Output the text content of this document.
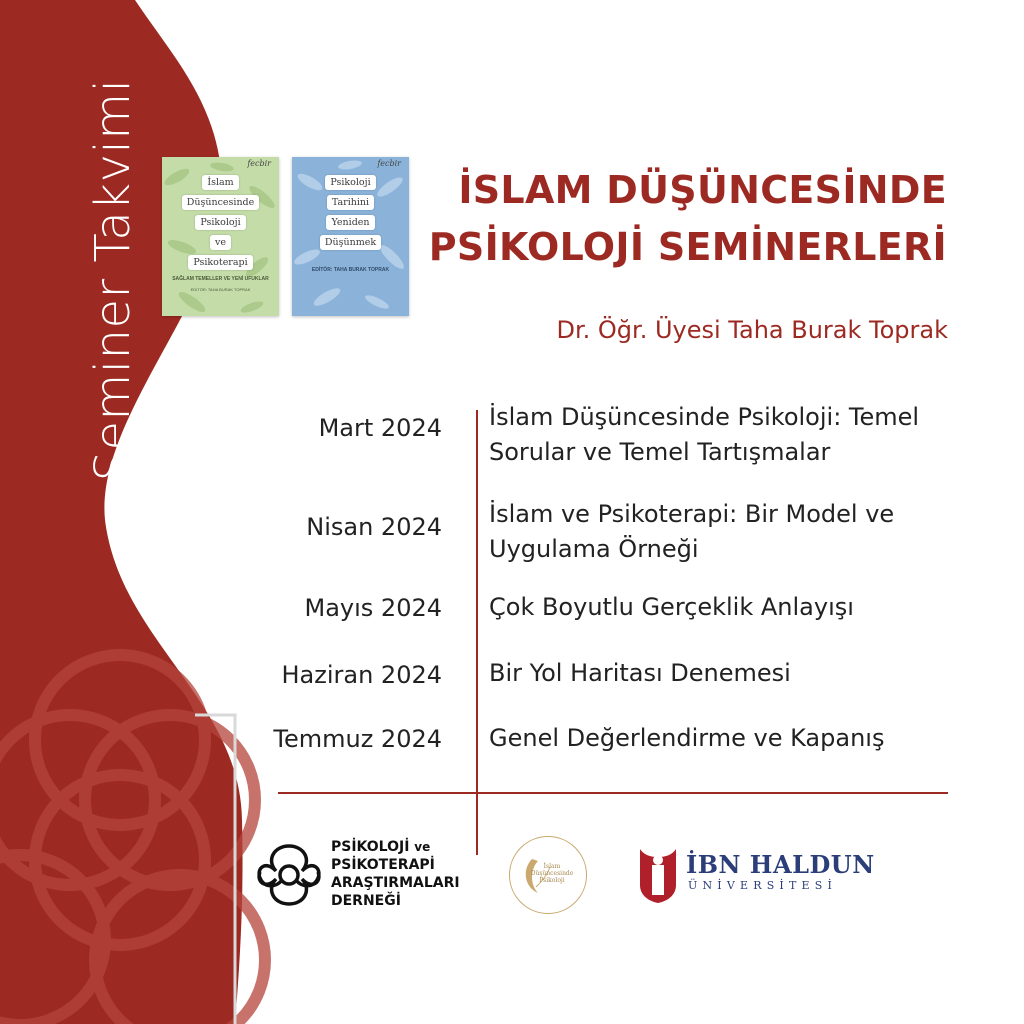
Seminer Takvimi	fecbir
İslam
Düşüncesinde
Psikoloji
ve
Psikoterapi
SAĞLAM TEMELLER VE YENİ UFUKLAR
EDİTÖR: TAHA BURAK TOPRAK
fecbir
Psikoloji
Tarihini
Yeniden
Düşünmek
EDİTÖR: TAHA BURAK TOPRAK
İSLAM DÜŞÜNCESİNDE
PSİKOLOJİ SEMİNERLERİ
Dr. Öğr. Üyesi Taha Burak Toprak
Mart 2024 İslam Düşüncesinde Psikoloji: Temel Sorular ve Temel Tartışmalar
Nisan 2024 İslam ve Psikoterapi: Bir Model ve Uygulama Örneği
Mayıs 2024 Çok Boyutlu Gerçeklik Anlayışı
Haziran 2024 Bir Yol Haritası Denemesi
Temmuz 2024 Genel Değerlendirme ve Kapanış
PSİKOLOJİ ve
PSİKOTERAPİ
ARAŞTIRMALARI
DERNEĞİ
İslam
Düşüncesinde
Psikoloji
İBN HALDUN
ÜNİVERSİTESİ
